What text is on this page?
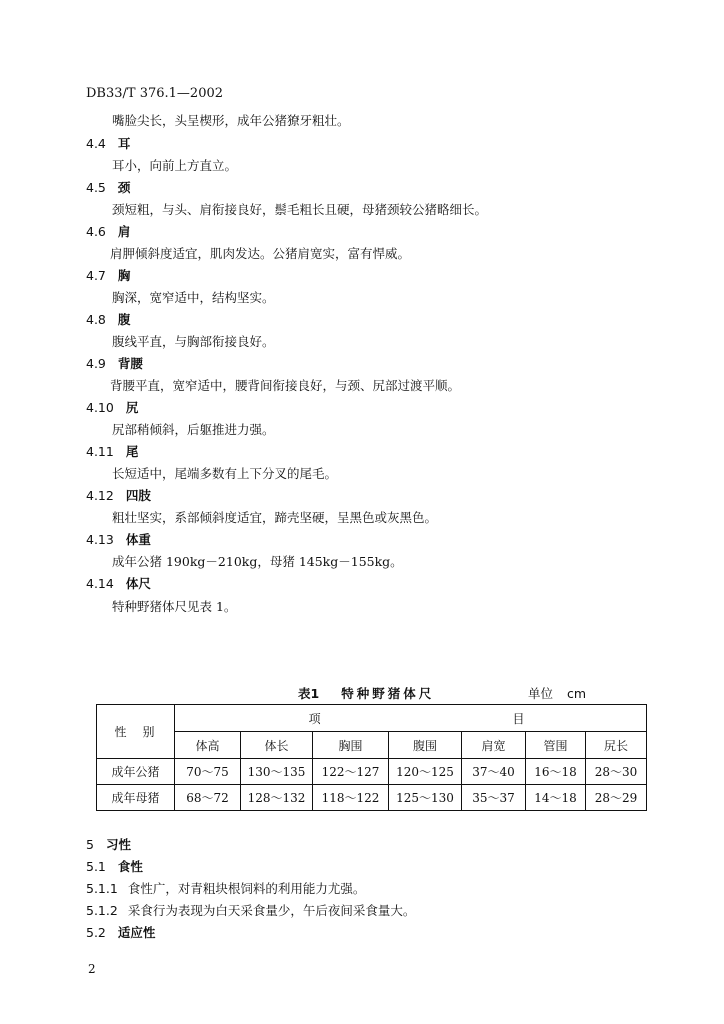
DB33/T 376.1—2002
嘴脸尖长，头呈楔形，成年公猪獠牙粗壮。
4.4 耳
耳小，向前上方直立。
4.5 颈
颈短粗，与头、肩衔接良好，鬃毛粗长且硬，母猪颈较公猪略细长。
4.6 肩
肩胛倾斜度适宜，肌肉发达。公猪肩宽实，富有悍威。
4.7 胸
胸深，宽窄适中，结构坚实。
4.8 腹
腹线平直，与胸部衔接良好。
4.9 背腰
背腰平直，宽窄适中，腰背间衔接良好，与颈、尻部过渡平顺。
4.10 尻
尻部稍倾斜，后躯推进力强。
4.11 尾
长短适中，尾端多数有上下分叉的尾毛。
4.12 四肢
粗壮坚实，系部倾斜度适宜，蹄壳坚硬，呈黑色或灰黑色。
4.13 体重
成年公猪 190kg－210kg，母猪 145kg－155kg。
4.14 体尺
特种野猪体尺见表 1。
表1 特种野猪体尺	单位 cm
性　别	项 目						
	体高	体长	胸围	腹围	肩宽	管围	尻长
成年公猪	70～75	130～135	122～127	120～125	37～40	16～18	28～30
成年母猪	68～72	128～132	118～122	125～130	35～37	14～18	28～29
5 习性
5.1 食性
5.1.1 食性广，对青粗块根饲料的利用能力尤强。
5.1.2 采食行为表现为白天采食量少，午后夜间采食量大。
5.2 适应性
2
